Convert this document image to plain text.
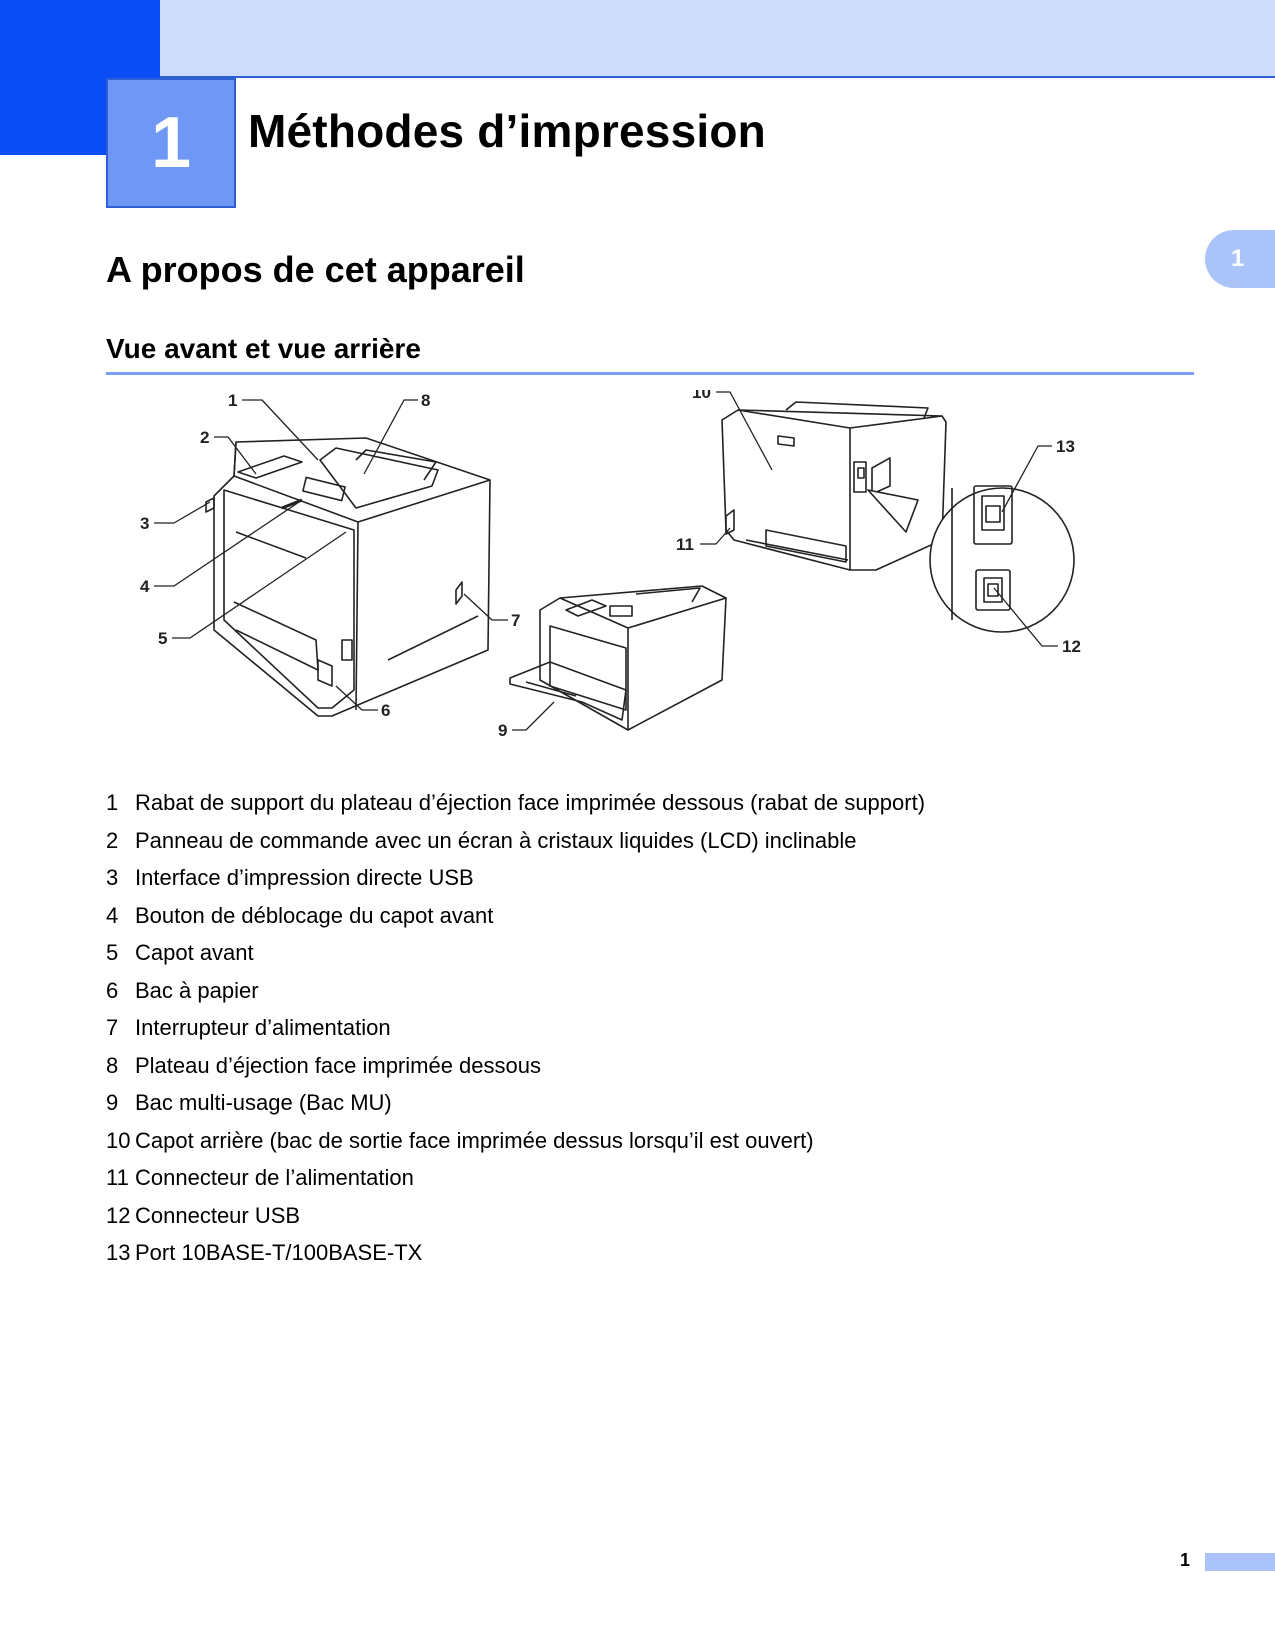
1 Méthodes d’impression
1
A propos de cet appareil
Vue avant et vue arrière
1
2
3
4
5
6
7
8
9
10
11
12
13
1 Rabat de support du plateau d’éjection face imprimée dessous (rabat de support)
2 Panneau de commande avec un écran à cristaux liquides (LCD) inclinable
3 Interface d’impression directe USB
4 Bouton de déblocage du capot avant
5 Capot avant
6 Bac à papier
7 Interrupteur d’alimentation
8 Plateau d’éjection face imprimée dessous
9 Bac multi-usage (Bac MU)
10 Capot arrière (bac de sortie face imprimée dessus lorsqu’il est ouvert)
11 Connecteur de l’alimentation
12 Connecteur USB
13 Port 10BASE-T/100BASE-TX
1
